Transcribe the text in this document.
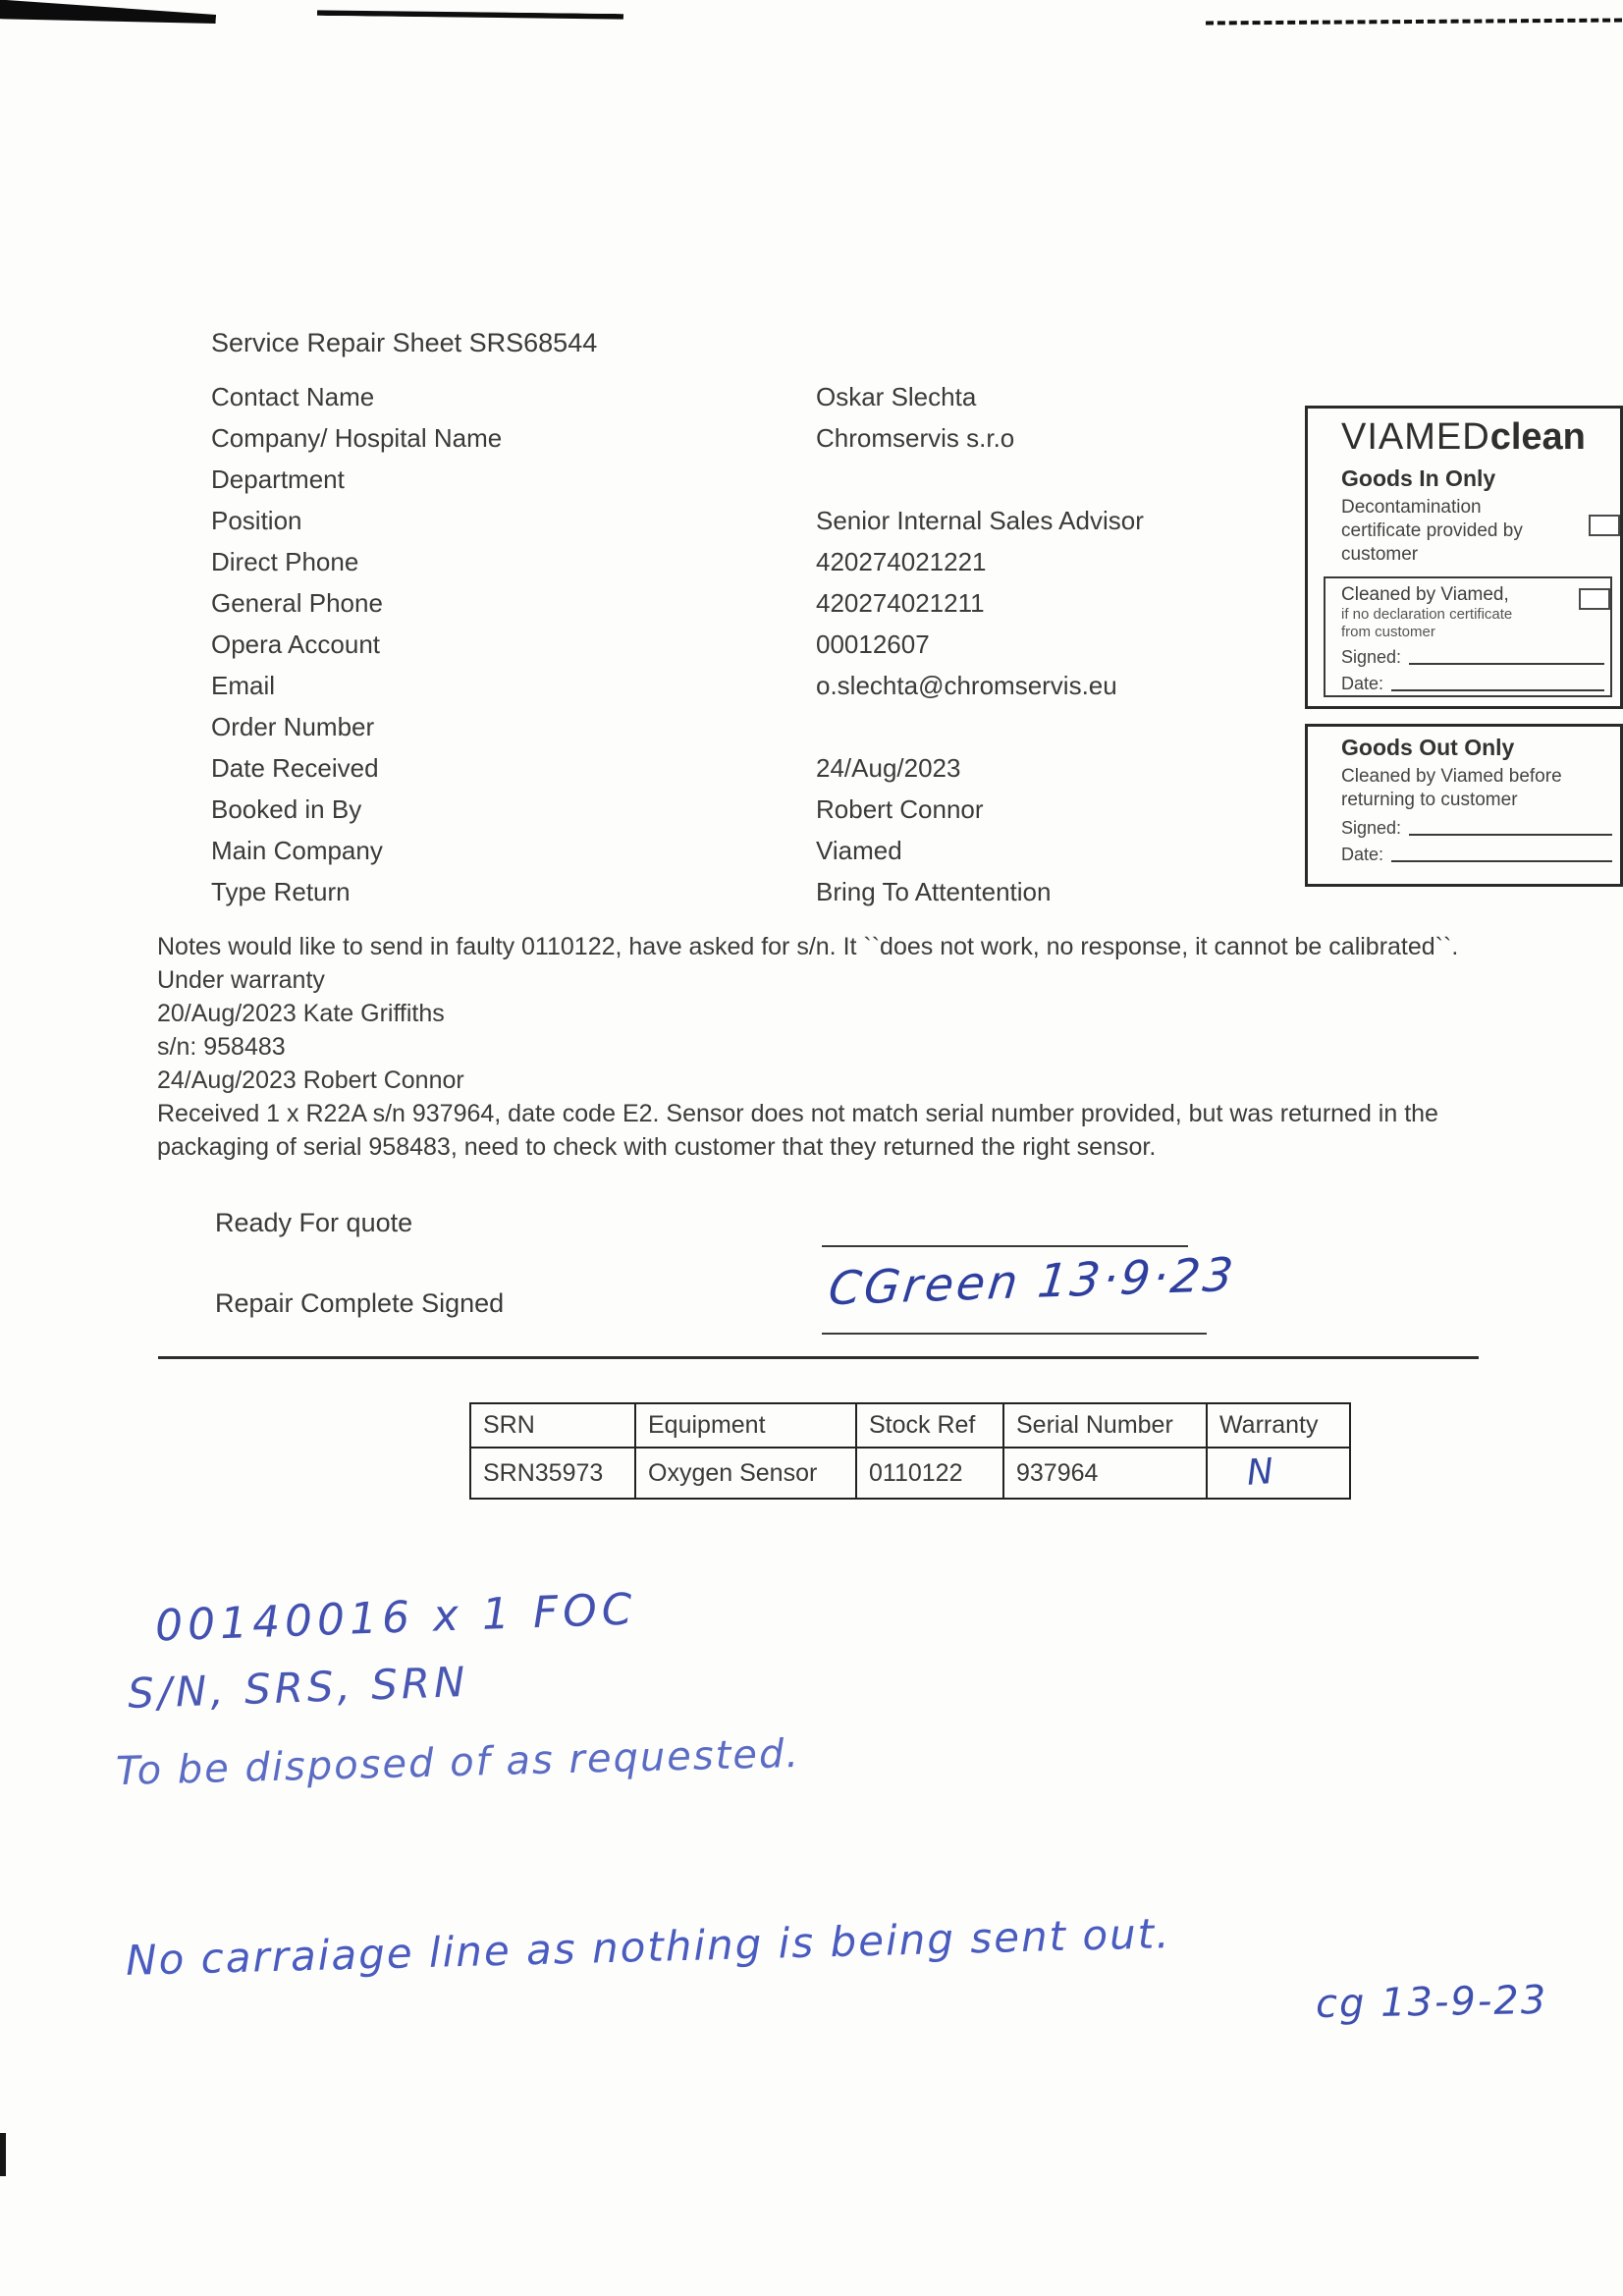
Service Repair Sheet SRS68544
Contact Name	Oskar Slechta
Company/ Hospital Name	Chromservis s.r.o
Department
Position	Senior Internal Sales Advisor
Direct Phone	420274021221
General Phone	420274021211
Opera Account	00012607
Email	o.slechta@chromservis.eu
Order Number
Date Received	24/Aug/2023
Booked in By	Robert Connor
Main Company	Viamed
Type Return	Bring To Attentention
VIAMEDclean
Goods In Only
Decontamination certificate provided by customer
Cleaned by Viamed,
if no declaration certificate from customer
Signed:
Date:
Goods Out Only
Cleaned by Viamed before returning to customer
Signed:
Date:
Notes would like to send in faulty 0110122, have asked for s/n. It ``does not work, no response, it cannot be calibrated``.
Under warranty
20/Aug/2023 Kate Griffiths
s/n: 958483
24/Aug/2023 Robert Connor
Received 1 x R22A s/n 937964, date code E2. Sensor does not match serial number provided, but was returned in the
packaging of serial 958483, need to check with customer that they returned the right sensor.
Ready For quote
Repair Complete Signed	CGreen 13·9·23
SRN	Equipment	Stock Ref	Serial Number	Warranty
SRN35973	Oxygen Sensor	0110122	937964	N
00140016 x 1 FOC
S/N, SRS, SRN
To be disposed of as requested.
No carraiage line as nothing is being sent out.
cg 13-9-23
